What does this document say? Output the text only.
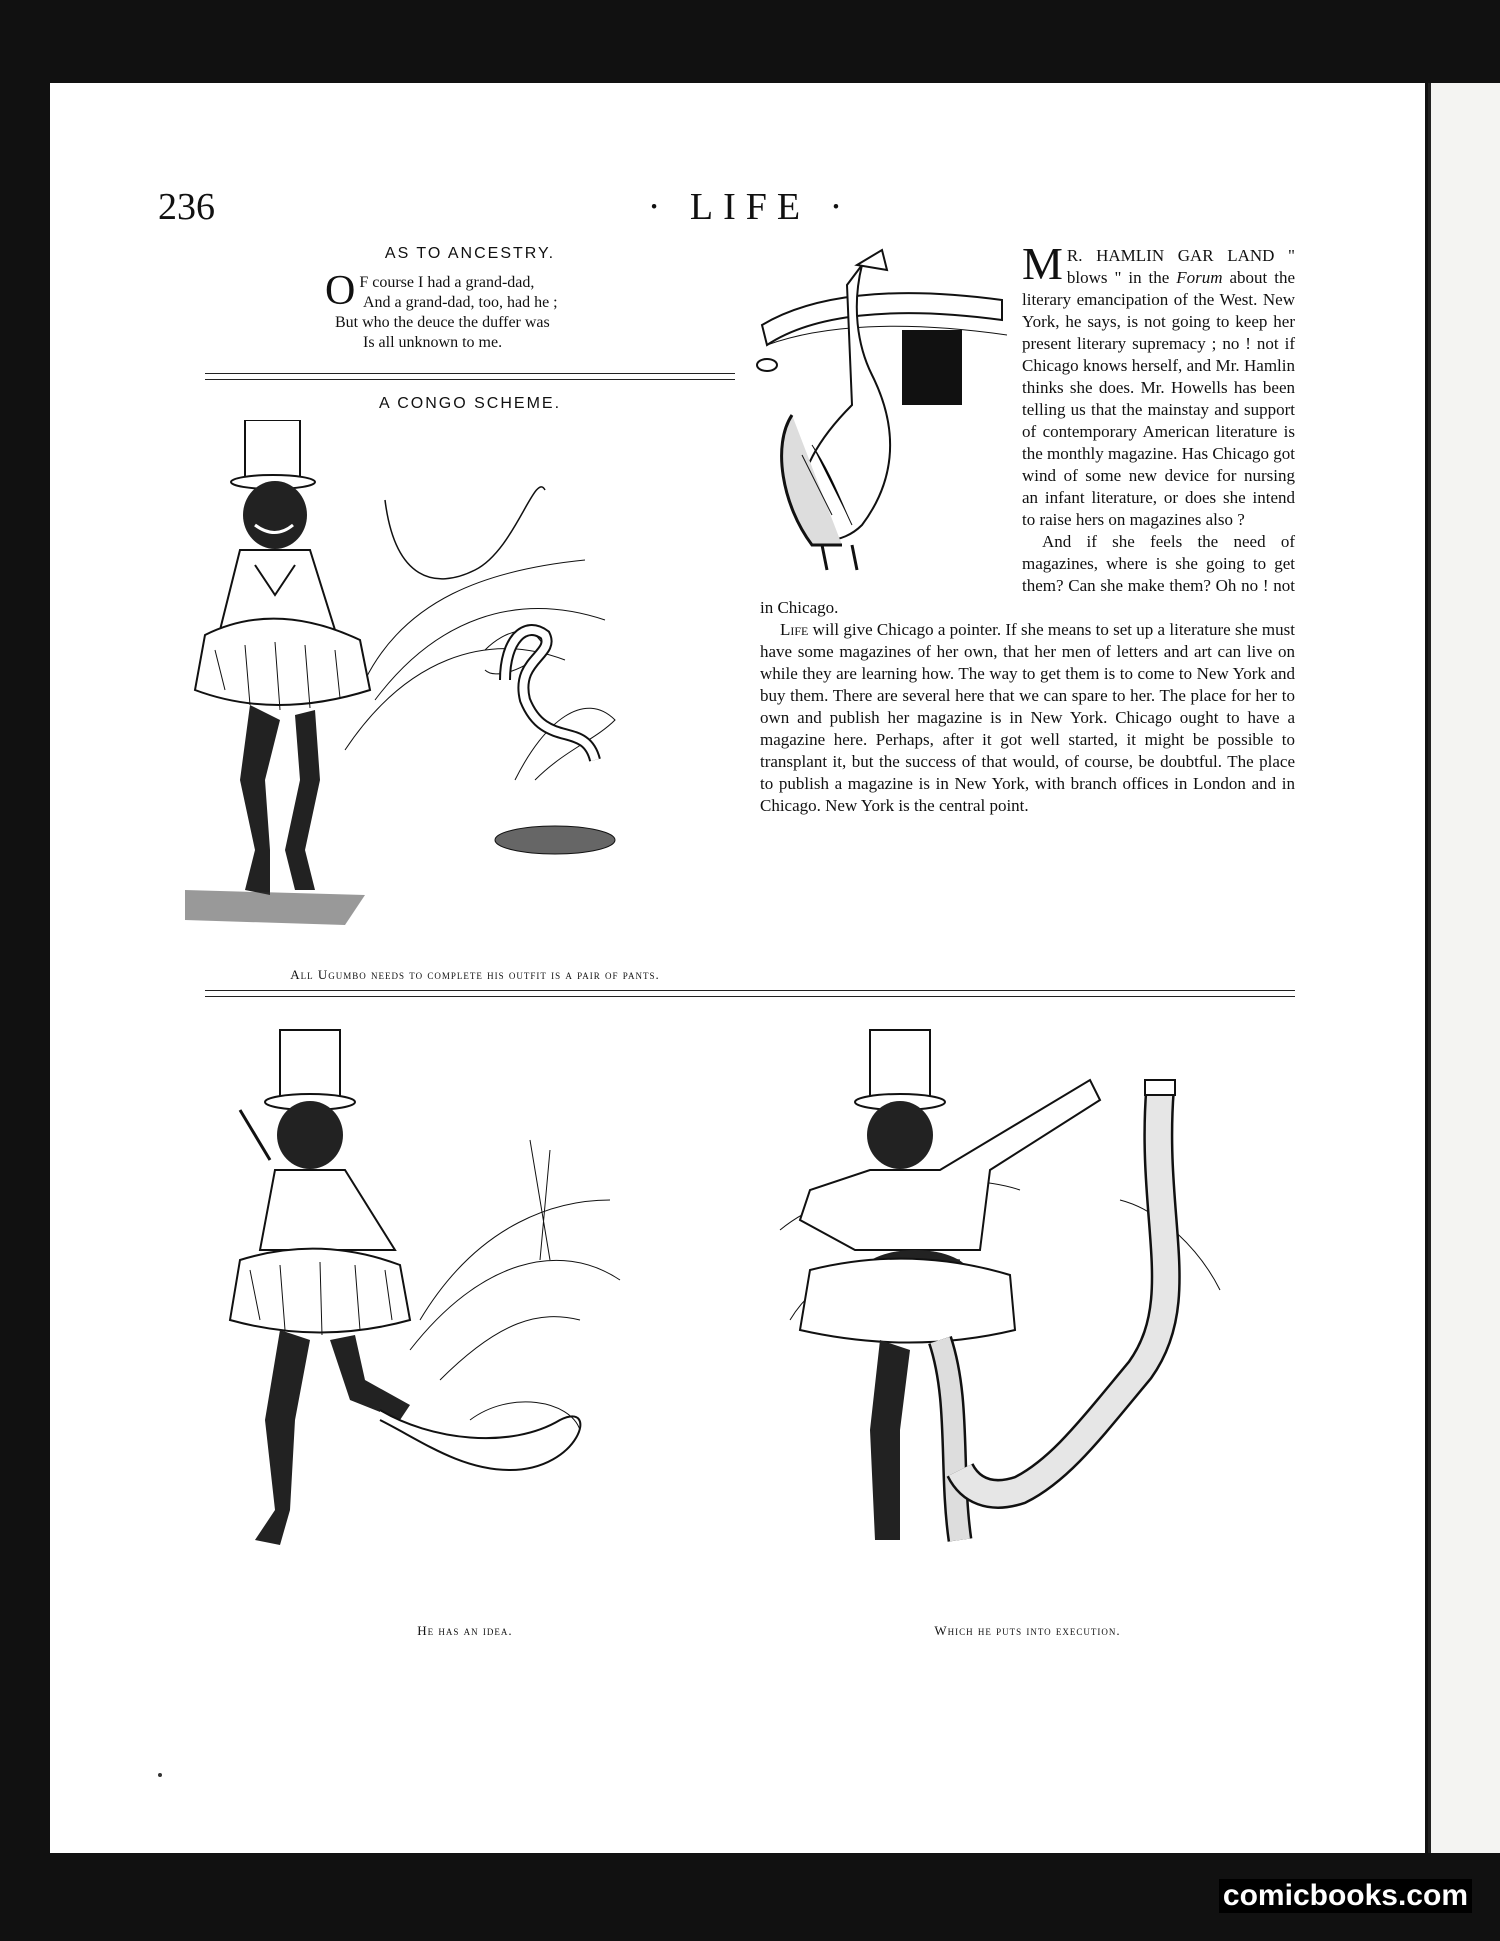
236	· LIFE ·
AS TO ANCESTRY.
O F course I had a grand-dad,
And a grand-dad, too, had he ;
But who the deuce the duffer was
Is all unknown to me.
A CONGO SCHEME.
All Ugumbo needs to complete his outfit is a pair of pants.

M R. HAMLIN GAR LAND " blows " in the Forum about the literary emancipation of the West. New York, he says, is not going to keep her present literary supremacy ; no ! not if Chicago knows herself, and Mr. Hamlin thinks she does. Mr. Howells has been telling us that the mainstay and support of contemporary American literature is the monthly magazine. Has Chicago got wind of some new device for nursing an infant literature, or does she intend to raise hers on magazines also ?

And if she feels the need of magazines, where is she going to get them? Can she make them? Oh no ! not in Chicago.

Life will give Chicago a pointer. If she means to set up a literature she must have some magazines of her own, that her men of letters and art can live on while they are learning how. The way to get them is to come to New York and buy them. There are several here that we can spare to her. The place for her to own and publish her magazine is in New York. Chicago ought to have a magazine here. Perhaps, after it got well started, it might be possible to transplant it, but the success of that would, of course, be doubtful. The place to publish a magazine is in New York, with branch offices in London and in Chicago. New York is the central point.

He has an idea.	Which he puts into execution.
comicbooks.com
